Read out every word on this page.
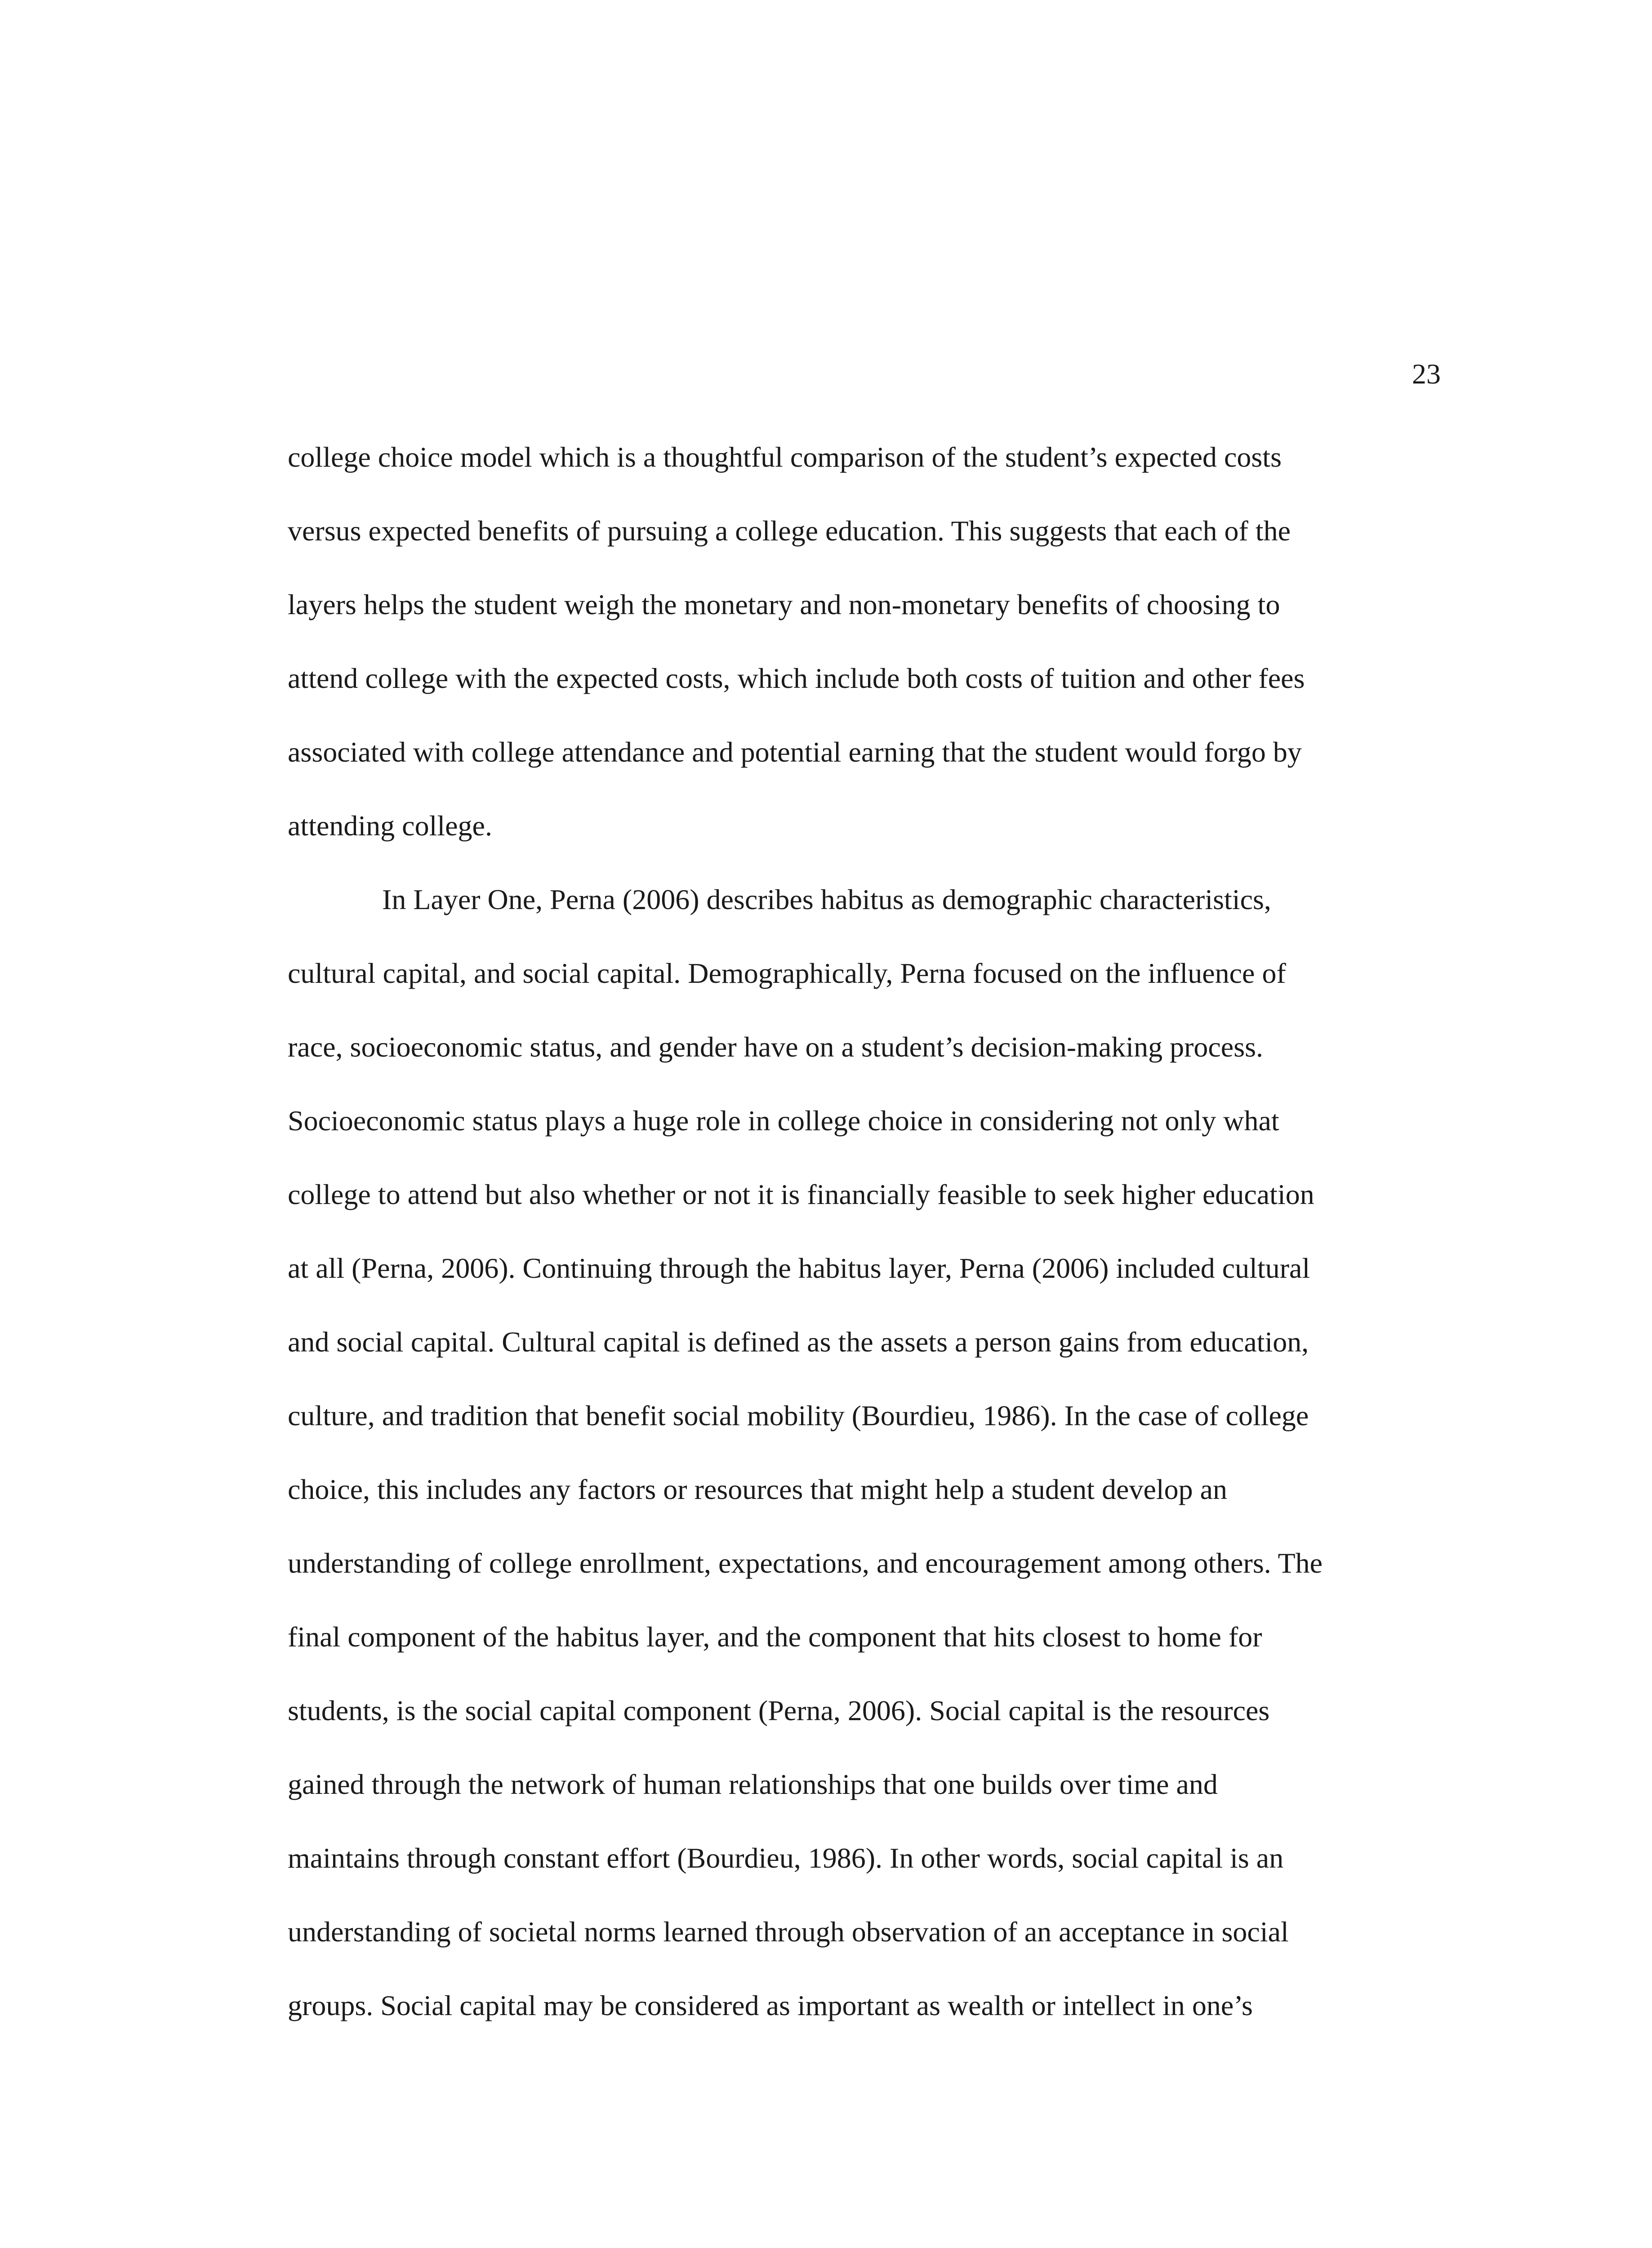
23
college choice model which is a thoughtful comparison of the student’s expected costs
versus expected benefits of pursuing a college education. This suggests that each of the
layers helps the student weigh the monetary and non-monetary benefits of choosing to
attend college with the expected costs, which include both costs of tuition and other fees
associated with college attendance and potential earning that the student would forgo by
attending college.
In Layer One, Perna (2006) describes habitus as demographic characteristics,
cultural capital, and social capital. Demographically, Perna focused on the influence of
race, socioeconomic status, and gender have on a student’s decision-making process.
Socioeconomic status plays a huge role in college choice in considering not only what
college to attend but also whether or not it is financially feasible to seek higher education
at all (Perna, 2006). Continuing through the habitus layer, Perna (2006) included cultural
and social capital. Cultural capital is defined as the assets a person gains from education,
culture, and tradition that benefit social mobility (Bourdieu, 1986). In the case of college
choice, this includes any factors or resources that might help a student develop an
understanding of college enrollment, expectations, and encouragement among others. The
final component of the habitus layer, and the component that hits closest to home for
students, is the social capital component (Perna, 2006). Social capital is the resources
gained through the network of human relationships that one builds over time and
maintains through constant effort (Bourdieu, 1986). In other words, social capital is an
understanding of societal norms learned through observation of an acceptance in social
groups. Social capital may be considered as important as wealth or intellect in one’s
